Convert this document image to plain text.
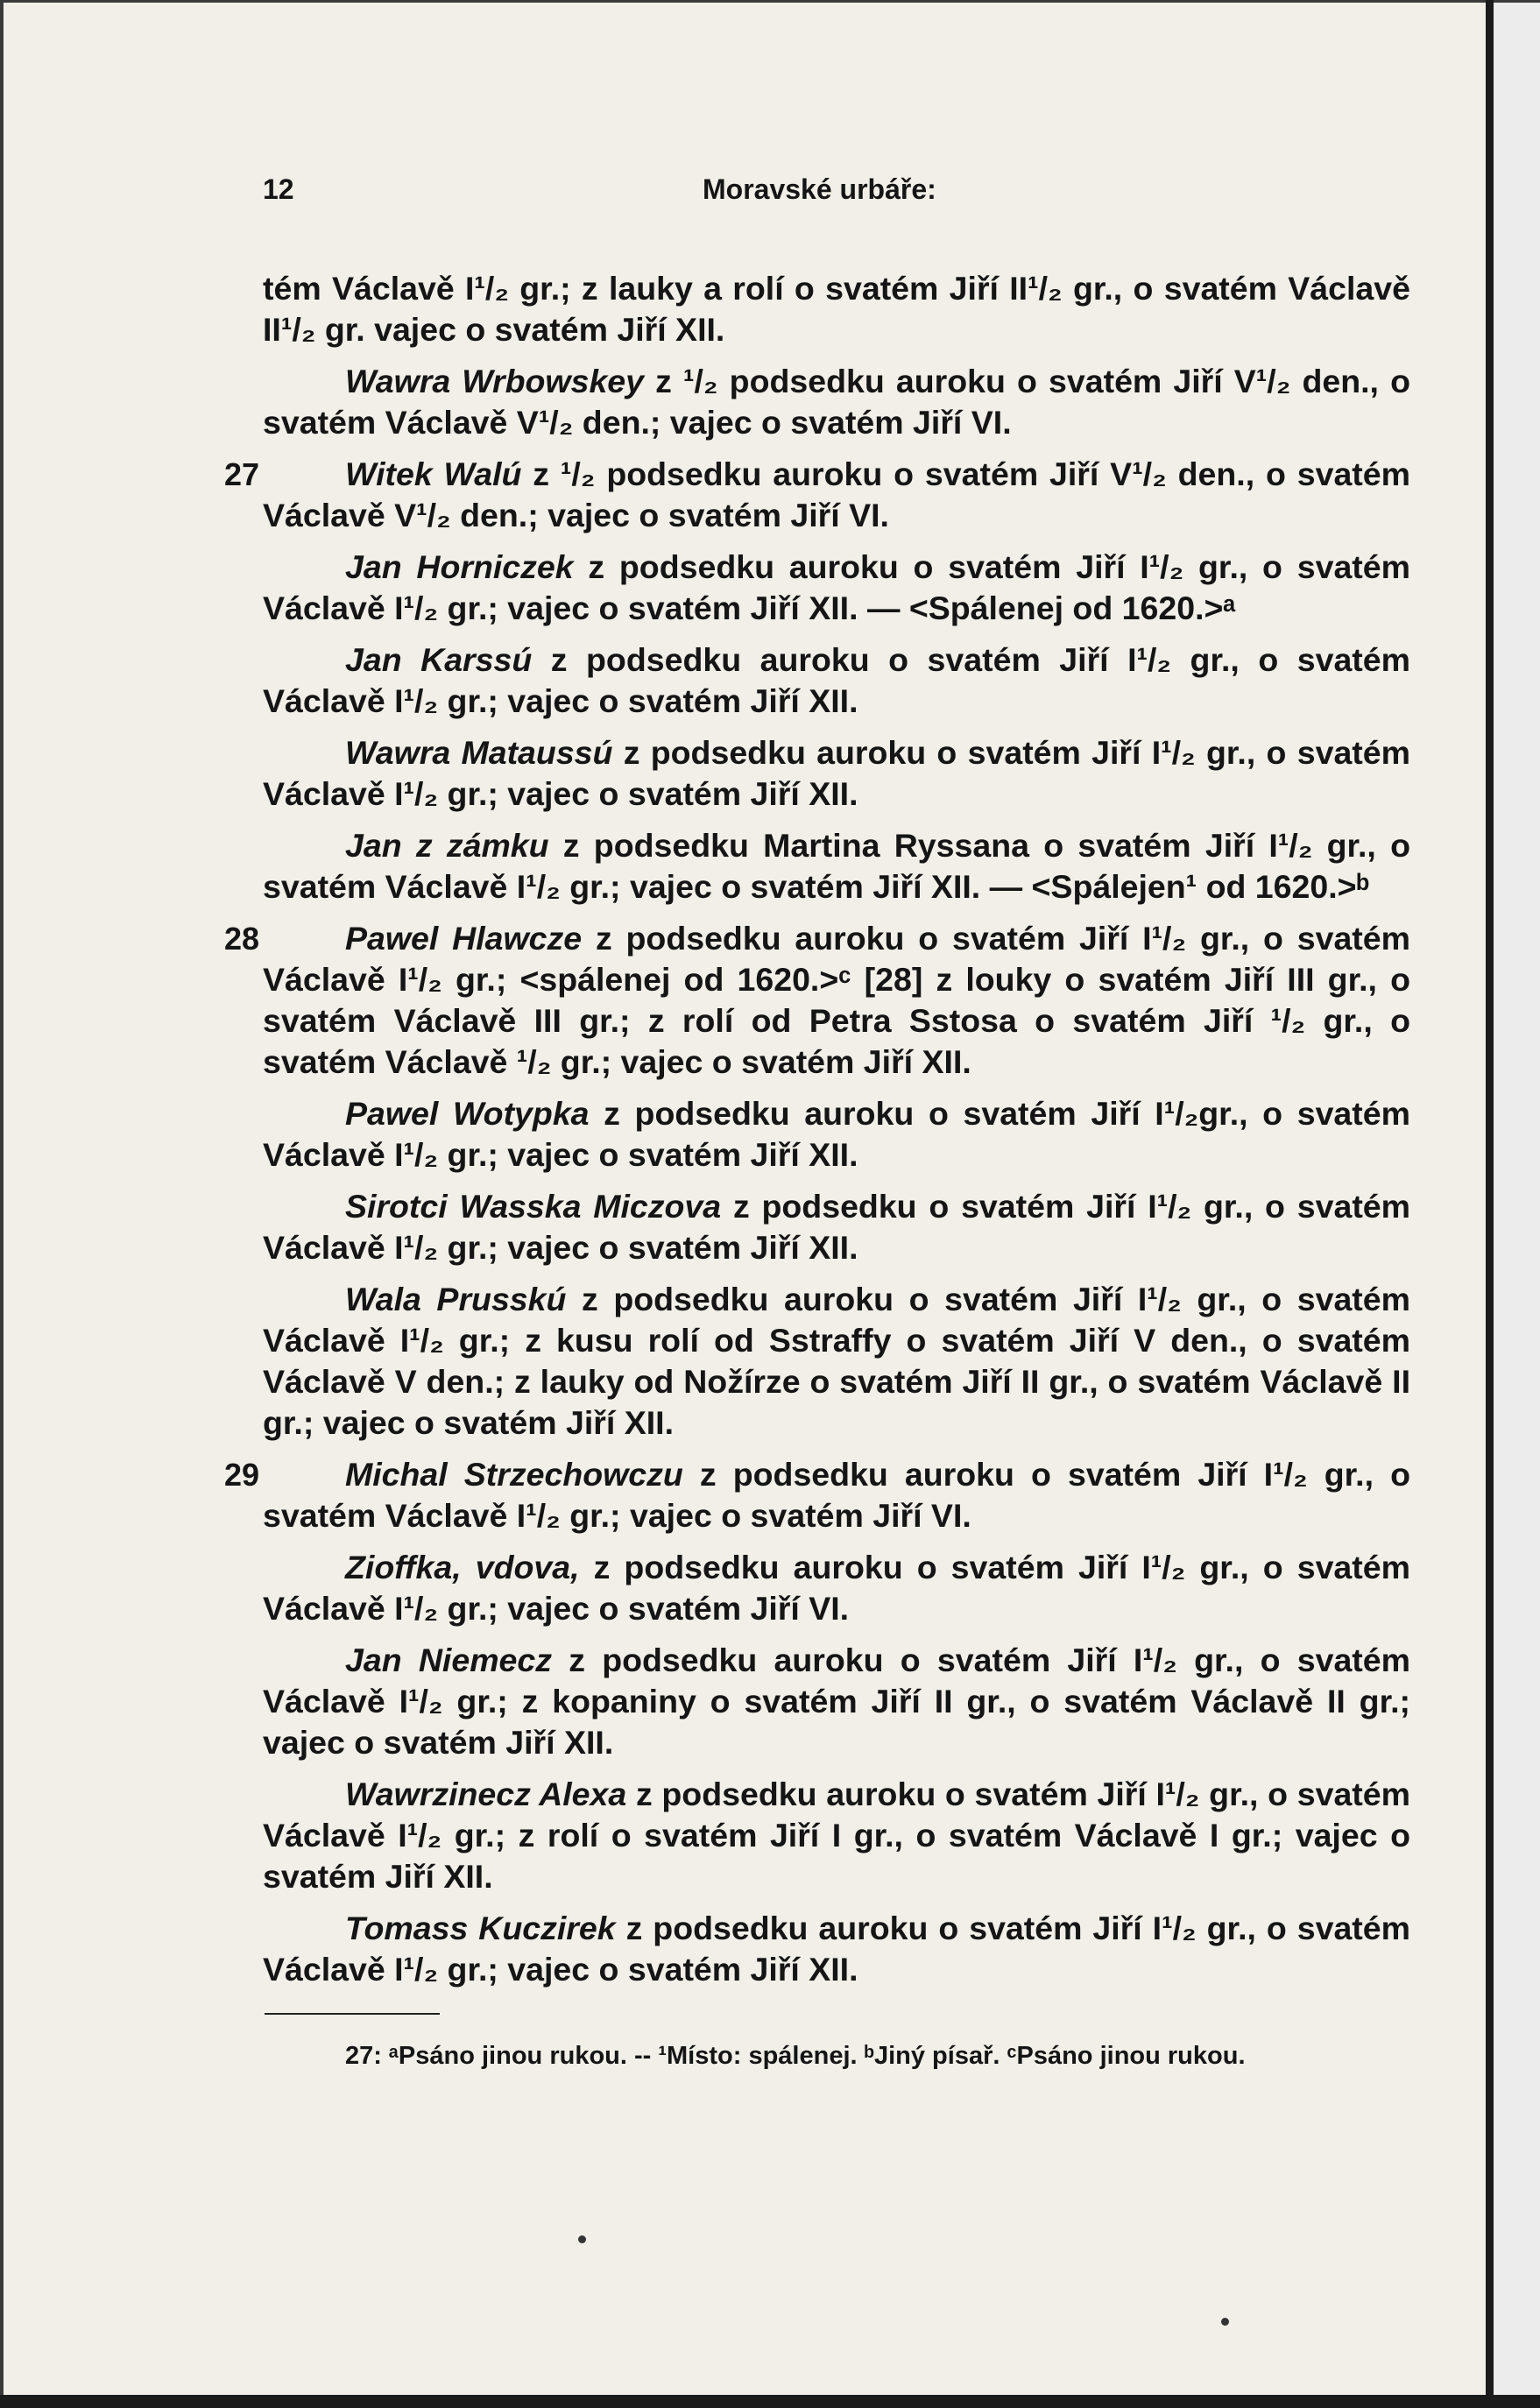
12	Moravské urbáře:

tém Václavě I¹/₂ gr.; z lauky a rolí o svatém Jiří II¹/₂ gr., o svatém Václavě II¹/₂ gr. vajec o svatém Jiří XII.

Wawra Wrbowskey z ¹/₂ podsedku auroku o svatém Jiří V¹/₂ den., o svatém Václavě V¹/₂ den.; vajec o svatém Jiří VI.

27	Witek Walú z ¹/₂ podsedku auroku o svatém Jiří V¹/₂ den., o svatém Václavě V¹/₂ den.; vajec o svatém Jiří VI.

Jan Horniczek z podsedku auroku o svatém Jiří I¹/₂ gr., o svatém Václavě I¹/₂ gr.; vajec o svatém Jiří XII. — <Spálenej od 1620.>ᵃ

Jan Karssú z podsedku auroku o svatém Jiří I¹/₂ gr., o svatém Václavě I¹/₂ gr.; vajec o svatém Jiří XII.

Wawra Mataussú z podsedku auroku o svatém Jiří I¹/₂ gr., o svatém Václavě I¹/₂ gr.; vajec o svatém Jiří XII.

Jan z zámku z podsedku Martina Ryssana o svatém Jiří I¹/₂ gr., o svatém Václavě I¹/₂ gr.; vajec o svatém Jiří XII. — <Spálejen¹ od 1620.>ᵇ

28	Pawel Hlawcze z podsedku auroku o svatém Jiří I¹/₂ gr., o svatém Václavě I¹/₂ gr.; <spálenej od 1620.>ᶜ [28] z louky o svatém Jiří III gr., o svatém Václavě III gr.; z rolí od Petra Sstosa o svatém Jiří ¹/₂ gr., o svatém Václavě ¹/₂ gr.; vajec o svatém Jiří XII.

Pawel Wotypka z podsedku auroku o svatém Jiří I¹/₂gr., o svatém Václavě I¹/₂ gr.; vajec o svatém Jiří XII.

Sirotci Wasska Miczova z podsedku o svatém Jiří I¹/₂ gr., o svatém Václavě I¹/₂ gr.; vajec o svatém Jiří XII.

Wala Prusskú z podsedku auroku o svatém Jiří I¹/₂ gr., o svatém Václavě I¹/₂ gr.; z kusu rolí od Sstraffy o svatém Jiří V den., o svatém Václavě V den.; z lauky od Nožírze o svatém Jiří II gr., o svatém Václavě II gr.; vajec o svatém Jiří XII.

29	Michal Strzechowczu z podsedku auroku o svatém Jiří I¹/₂ gr., o svatém Václavě I¹/₂ gr.; vajec o svatém Jiří VI.

Zioffka, vdova, z podsedku auroku o svatém Jiří I¹/₂ gr., o svatém Václavě I¹/₂ gr.; vajec o svatém Jiří VI.

Jan Niemecz z podsedku auroku o svatém Jiří I¹/₂ gr., o svatém Václavě I¹/₂ gr.; z kopaniny o svatém Jiří II gr., o svatém Václavě II gr.; vajec o svatém Jiří XII.

Wawrzinecz Alexa z podsedku auroku o svatém Jiří I¹/₂ gr., o svatém Václavě I¹/₂ gr.; z rolí o svatém Jiří I gr., o svatém Václavě I gr.; vajec o svatém Jiří XII.

Tomass Kuczirek z podsedku auroku o svatém Jiří I¹/₂ gr., o svatém Václavě I¹/₂ gr.; vajec o svatém Jiří XII.

27: ᵃPsáno jinou rukou. -- ¹Místo: spálenej. ᵇJiný písař. ᶜPsáno jinou rukou.
